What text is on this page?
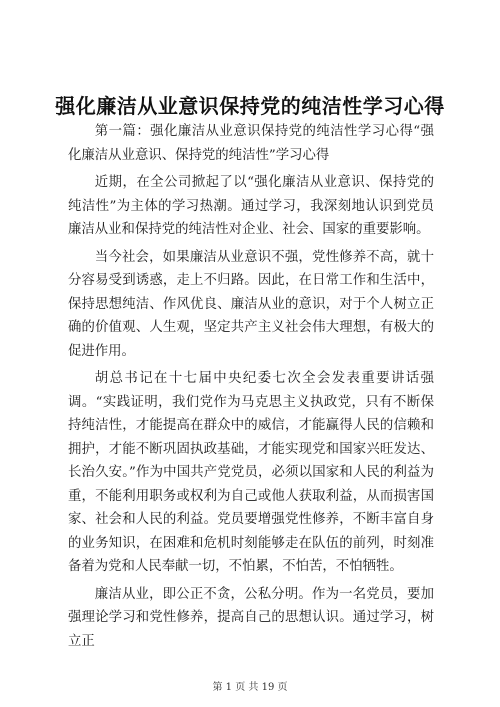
强化廉洁从业意识保持党的纯洁性学习心得

第一篇：强化廉洁从业意识保持党的纯洁性学习心得“强化廉洁从业意识、保持党的纯洁性”学习心得

近期，在全公司掀起了以“强化廉洁从业意识、保持党的纯洁性”为主体的学习热潮。通过学习，我深刻地认识到党员廉洁从业和保持党的纯洁性对企业、社会、国家的重要影响。

当今社会，如果廉洁从业意识不强，党性修养不高，就十分容易受到诱惑，走上不归路。因此，在日常工作和生活中，保持思想纯洁、作风优良、廉洁从业的意识，对于个人树立正确的价值观、人生观，坚定共产主义社会伟大理想，有极大的促进作用。

胡总书记在十七届中央纪委七次全会发表重要讲话强调。“实践证明，我们党作为马克思主义执政党，只有不断保持纯洁性，才能提高在群众中的威信，才能赢得人民的信赖和拥护，才能不断巩固执政基础，才能实现党和国家兴旺发达、长治久安。”作为中国共产党党员，必须以国家和人民的利益为重，不能利用职务或权利为自己或他人获取利益，从而损害国家、社会和人民的利益。党员要增强党性修养，不断丰富自身的业务知识，在困难和危机时刻能够走在队伍的前列，时刻准备着为党和人民奉献一切，不怕累，不怕苦，不怕牺牲。

廉洁从业，即公正不贪，公私分明。作为一名党员，要加强理论学习和党性修养，提高自己的思想认识。通过学习，树立正

第 1 页 共 19 页
